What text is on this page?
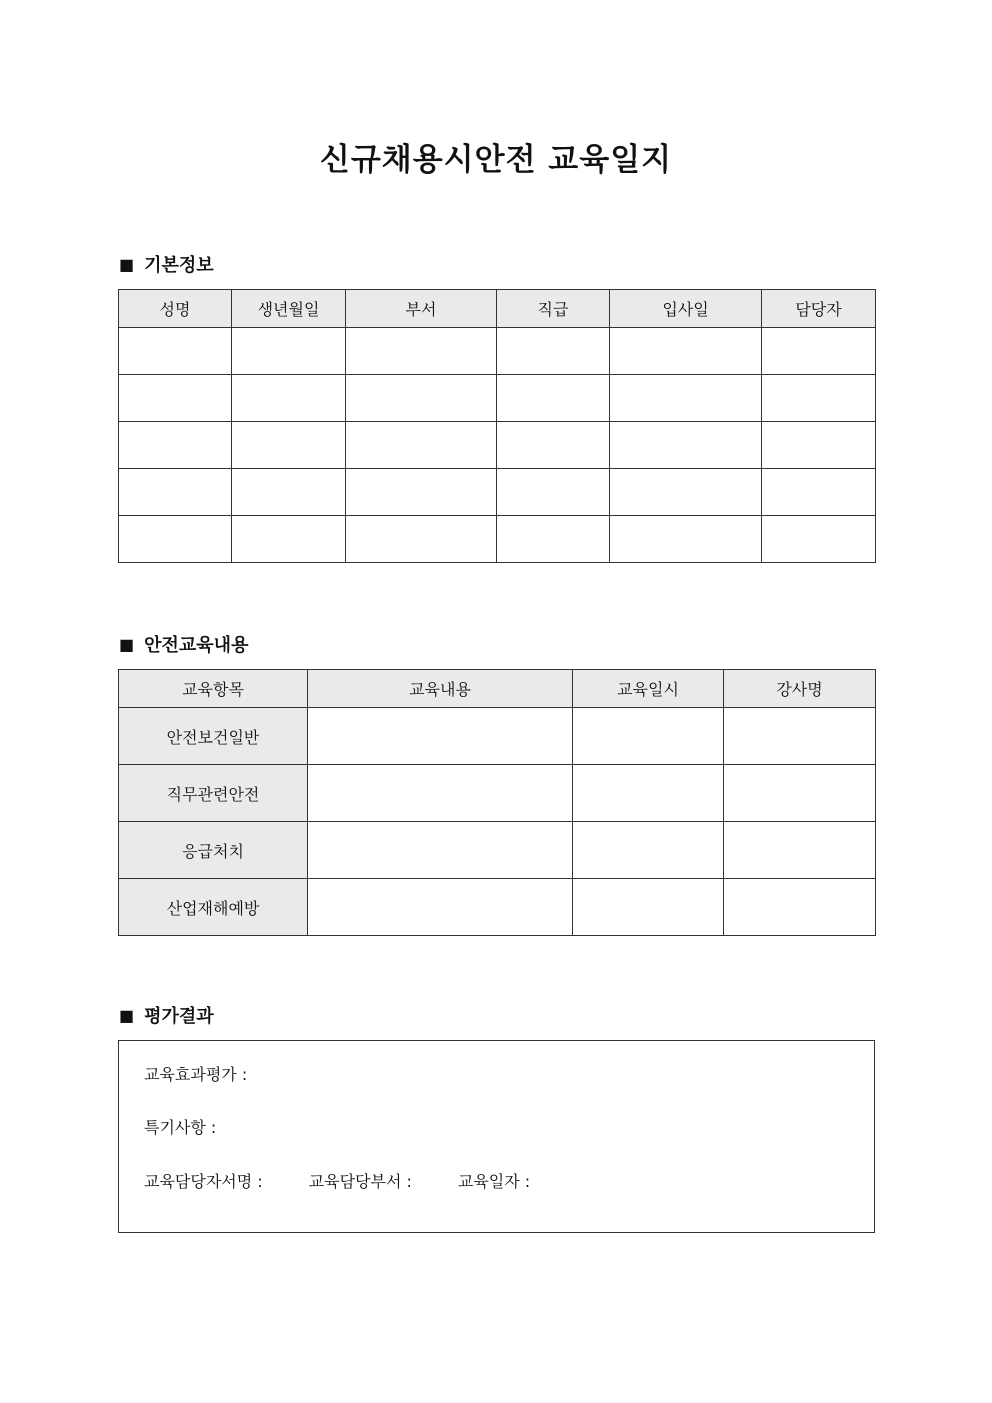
신규채용시안전 교육일지
■ 기본정보
성명	생년월일	부서	직급	입사일	담당자

■ 안전교육내용
교육항목	교육내용	교육일시	강사명
안전보건일반			
직무관련안전			
응급처치			
산업재해예방			
■ 평가결과
교육효과평가 :
특기사항 :
교육담당자서명 :	교육담당부서 :	교육일자 :
